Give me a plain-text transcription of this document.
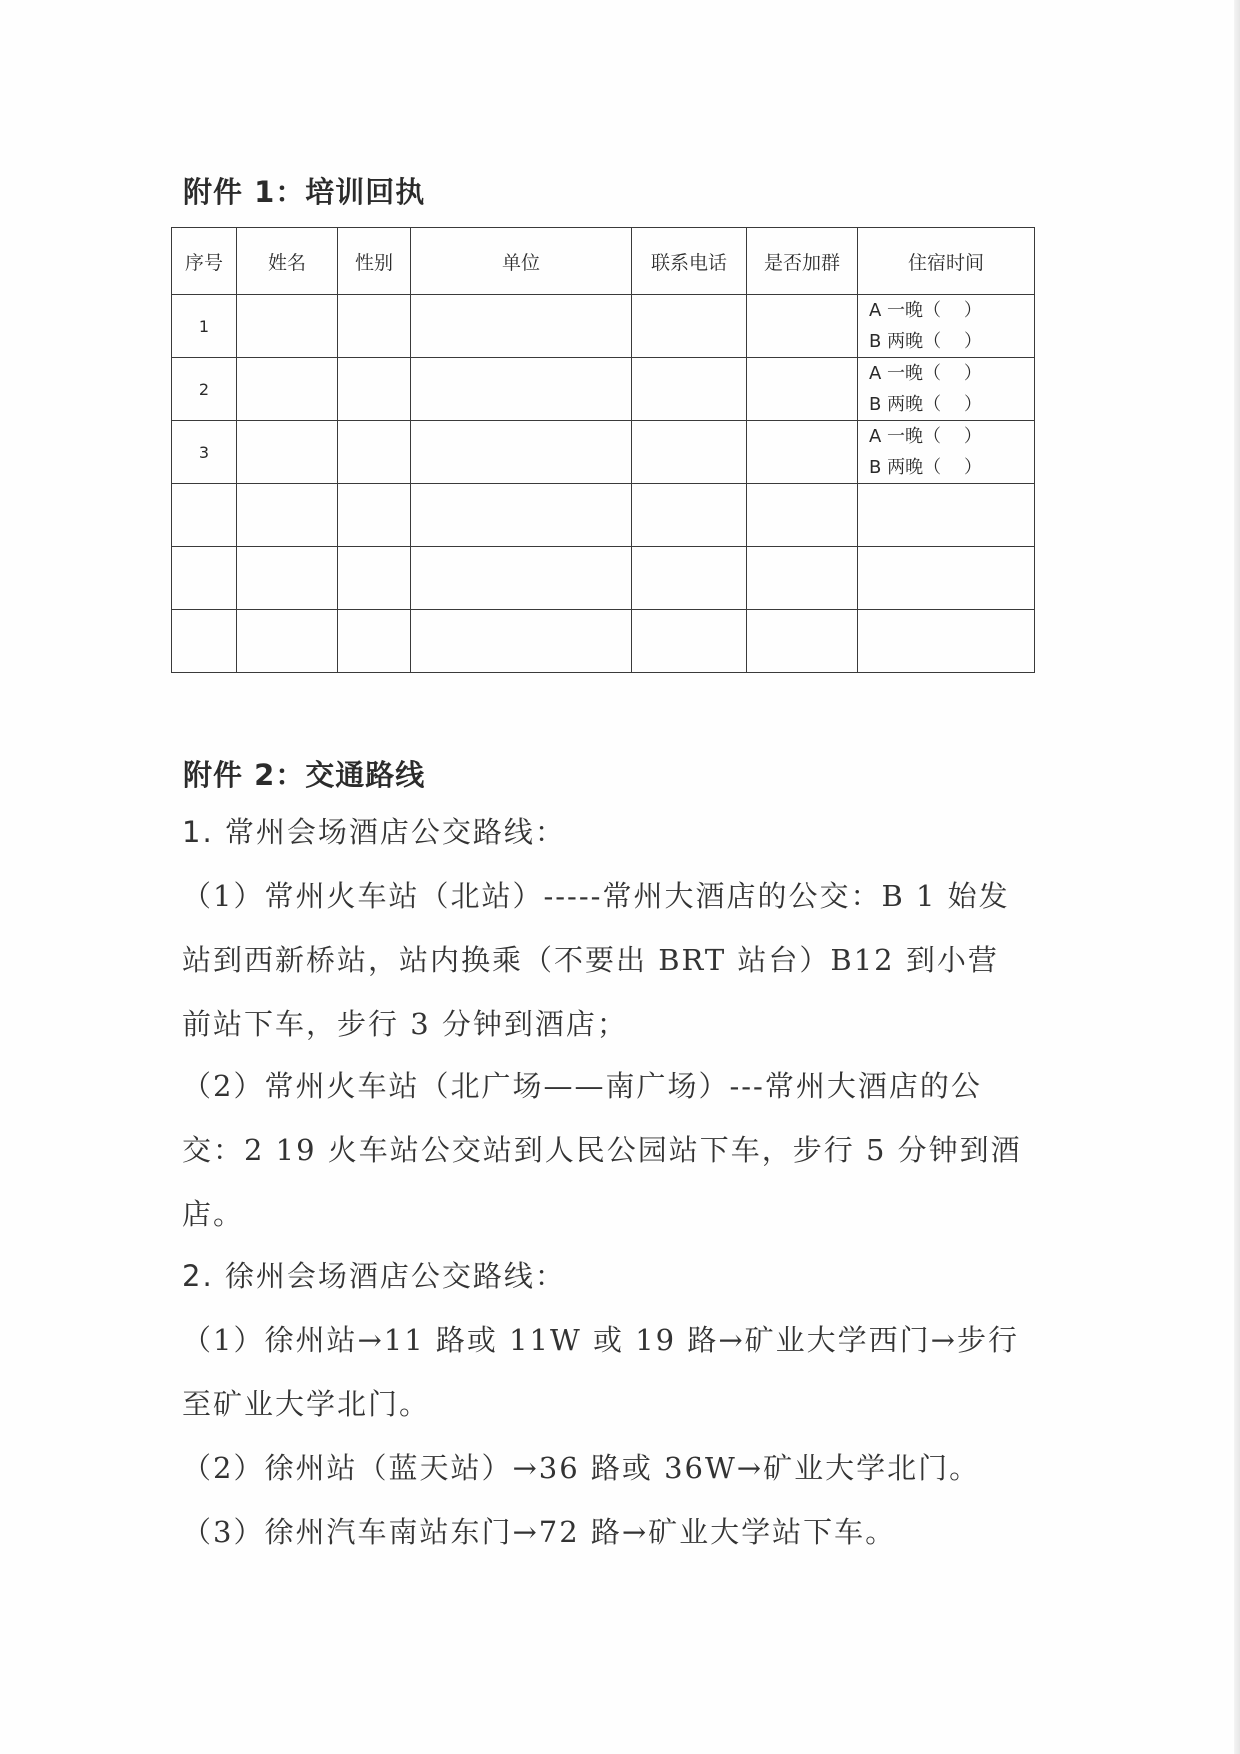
附件 1：培训回执
序号	姓名	性别	单位	联系电话	是否加群	住宿时间
1						A 一晚（    ）
B 两晚（    ）

2						A 一晚（    ）
B 两晚（    ）

3						A 一晚（    ）
B 两晚（    ）

附件 2：交通路线
1. 常州会场酒店公交路线：
（1）常州火车站（北站）-----常州大酒店的公交：B 1 始发站到西新桥站，站内换乘（不要出 BRT 站台）B12 到小营前站下车，步行 3 分钟到酒店；
（2）常州火车站（北广场——南广场）---常州大酒店的公交：2 19 火车站公交站到人民公园站下车，步行 5 分钟到酒店。
2. 徐州会场酒店公交路线：
（1）徐州站→11 路或 11W 或 19 路→矿业大学西门→步行至矿业大学北门。
（2）徐州站（蓝天站）→36 路或 36W→矿业大学北门。
（3）徐州汽车南站东门→72 路→矿业大学站下车。
